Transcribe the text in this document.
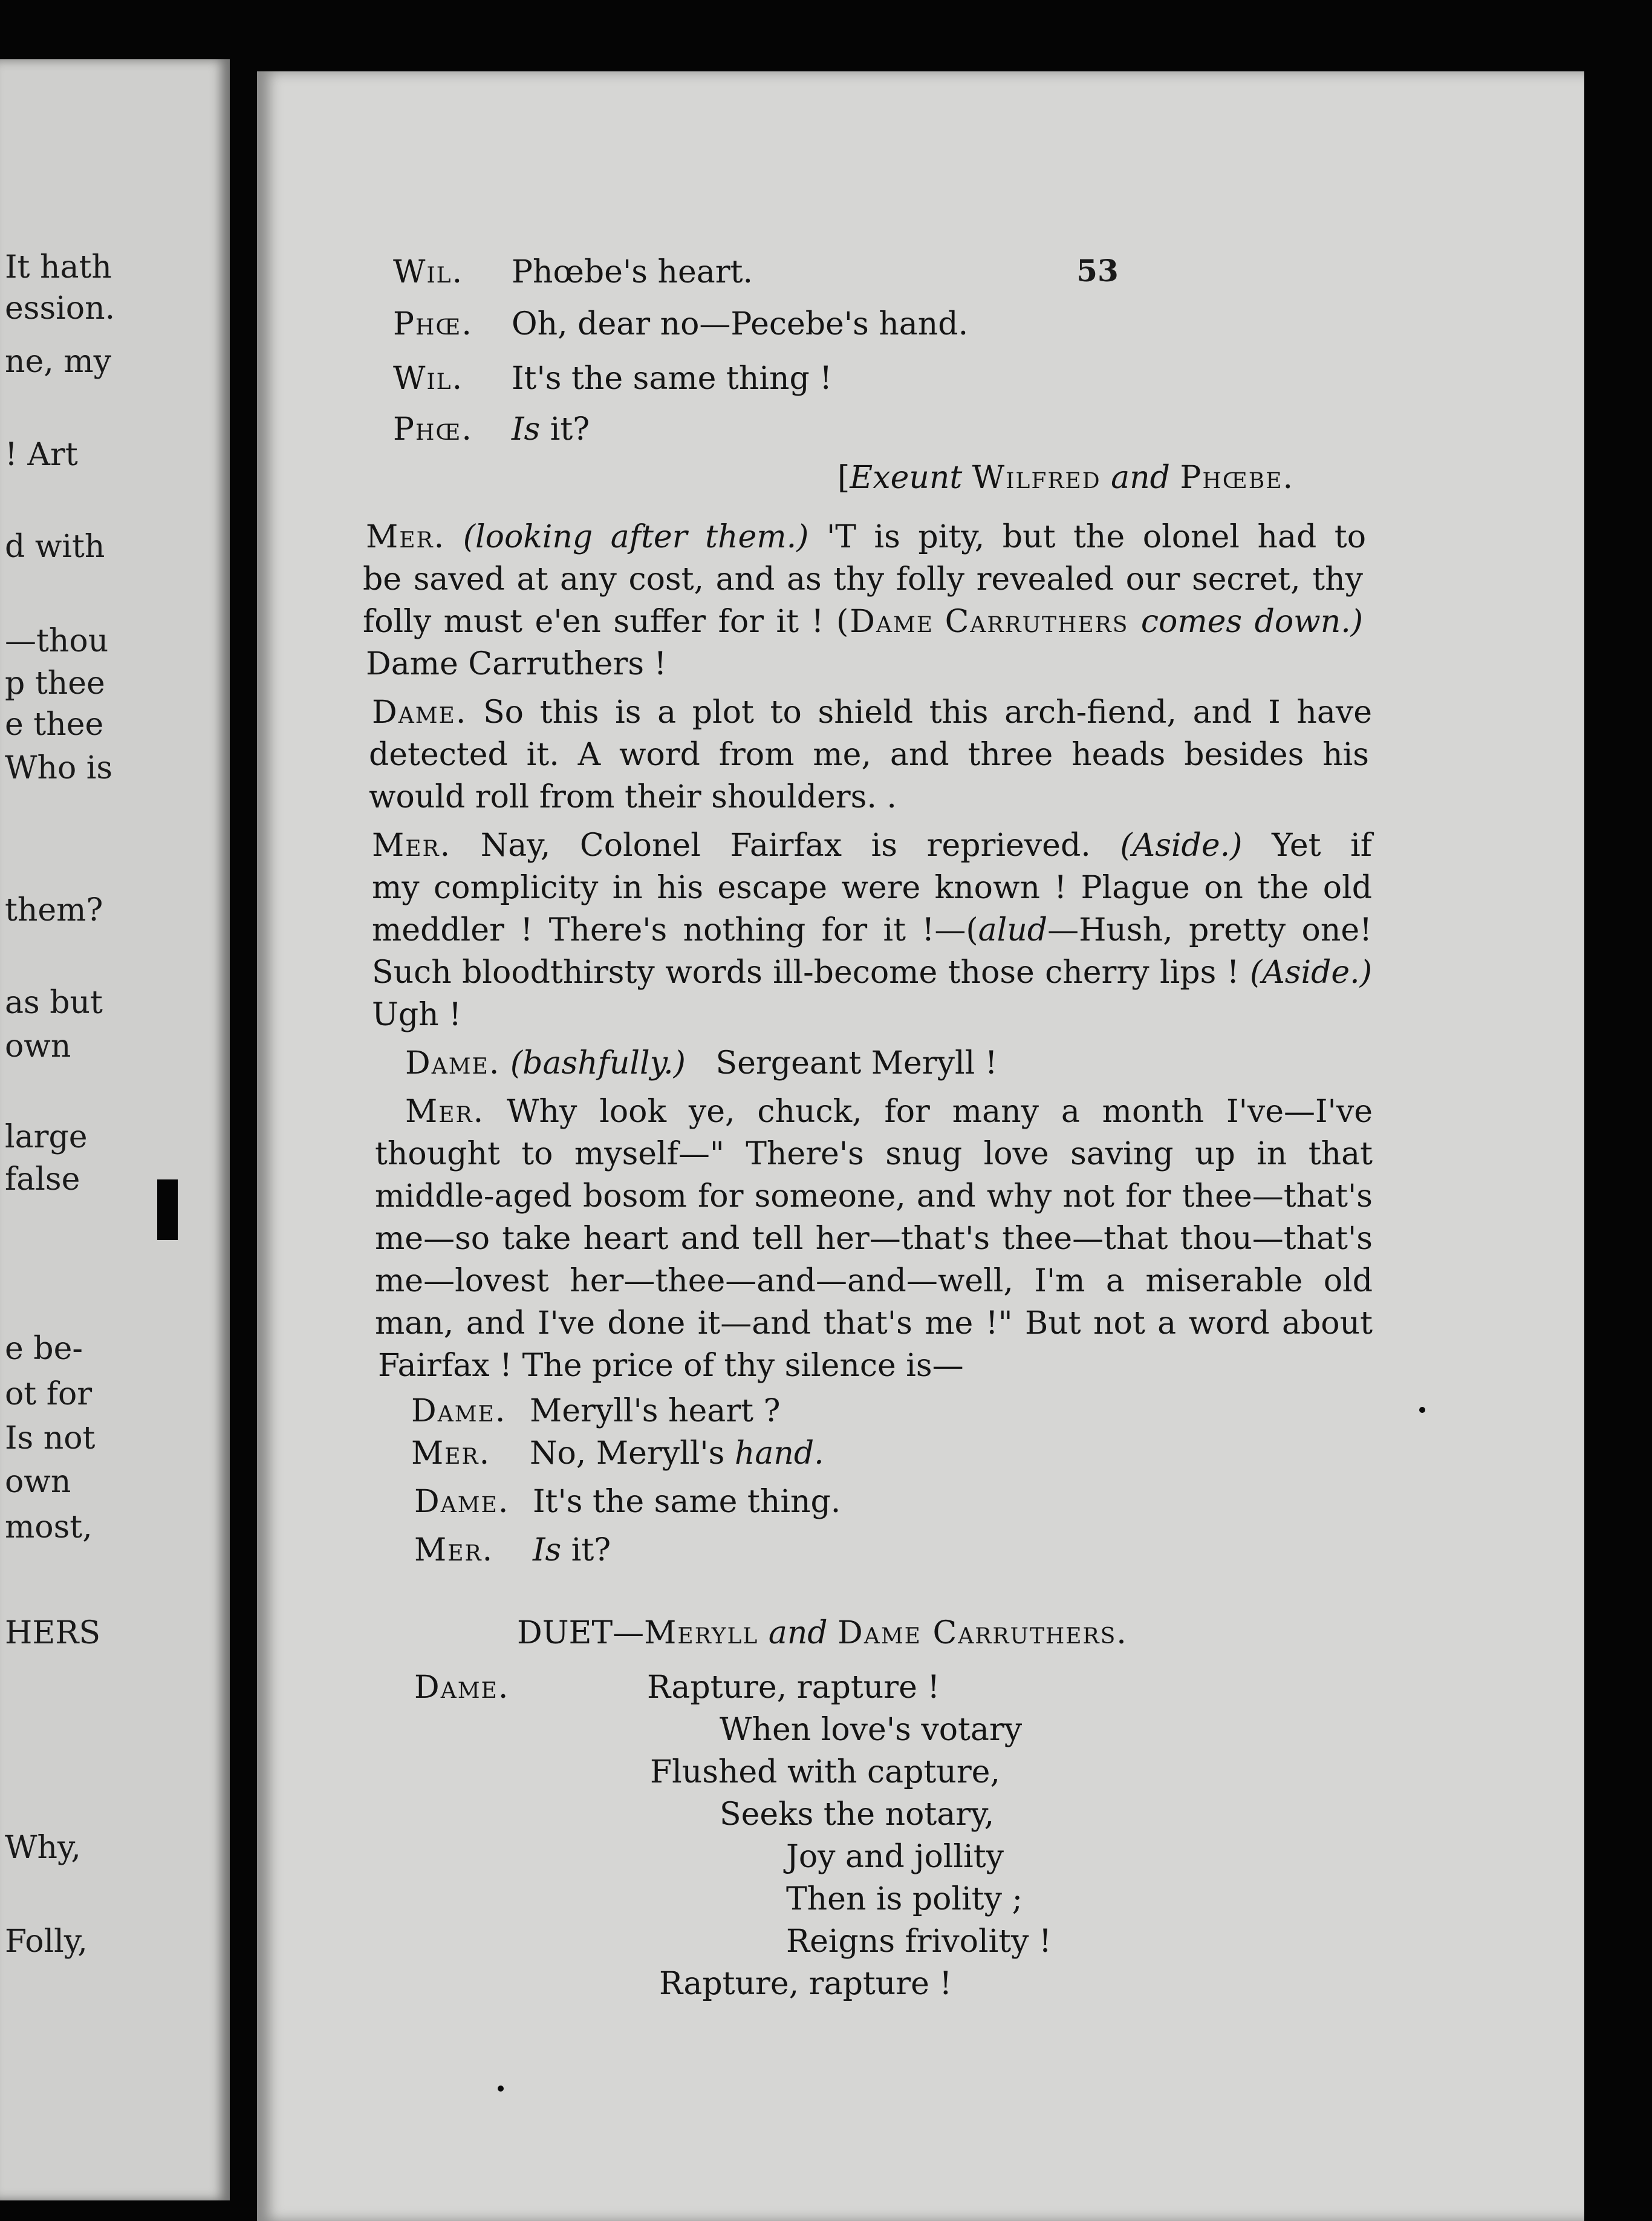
It hath
ession.
ne, my
! Art
d with
—thou
p thee
e thee
Who is
them?
as but
own
large
false
e be-
ot for
Is not
own
most,
HERS
Why,
Folly,
53
Wil. Phœbe's heart.
Phœ. Oh, dear no—Pecebe's hand.
Wil. It's the same thing !
Phœ. Is it?
[Exeunt Wilfred and Phœbe.
Mer. (looking after them.) 'T is pity, but the olonel had to
be saved at any cost, and as thy folly revealed our secret, thy
folly must e'en suffer for it ! (Dame Carruthers comes down.)
Dame Carruthers !
Dame. So this is a plot to shield this arch-fiend, and I have
detected it. A word from me, and three heads besides his
would roll from their shoulders. .
Mer. Nay, Colonel Fairfax is reprieved. (Aside.) Yet if
my complicity in his escape were known ! Plague on the old
meddler ! There's nothing for it !—(alud—Hush, pretty one!
Such bloodthirsty words ill-become those cherry lips ! (Aside.)
Ugh !
Dame. (bashfully.) Sergeant Meryll !
Mer. Why look ye, chuck, for many a month I've—I've
thought to myself—" There's snug love saving up in that
middle-aged bosom for someone, and why not for thee—that's
me—so take heart and tell her—that's thee—that thou—that's
me—lovest her—thee—and—and—well, I'm a miserable old
man, and I've done it—and that's me !" But not a word about
Fairfax ! The price of thy silence is—
Dame. Meryll's heart ?
Mer. No, Meryll's hand.
Dame. It's the same thing.
Mer. Is it?
DUET—Meryll and Dame Carruthers.
Dame.	Rapture, rapture !
When love's votary
Flushed with capture,
Seeks the notary,
Joy and jollity
Then is polity ;
Reigns frivolity !
Rapture, rapture !
